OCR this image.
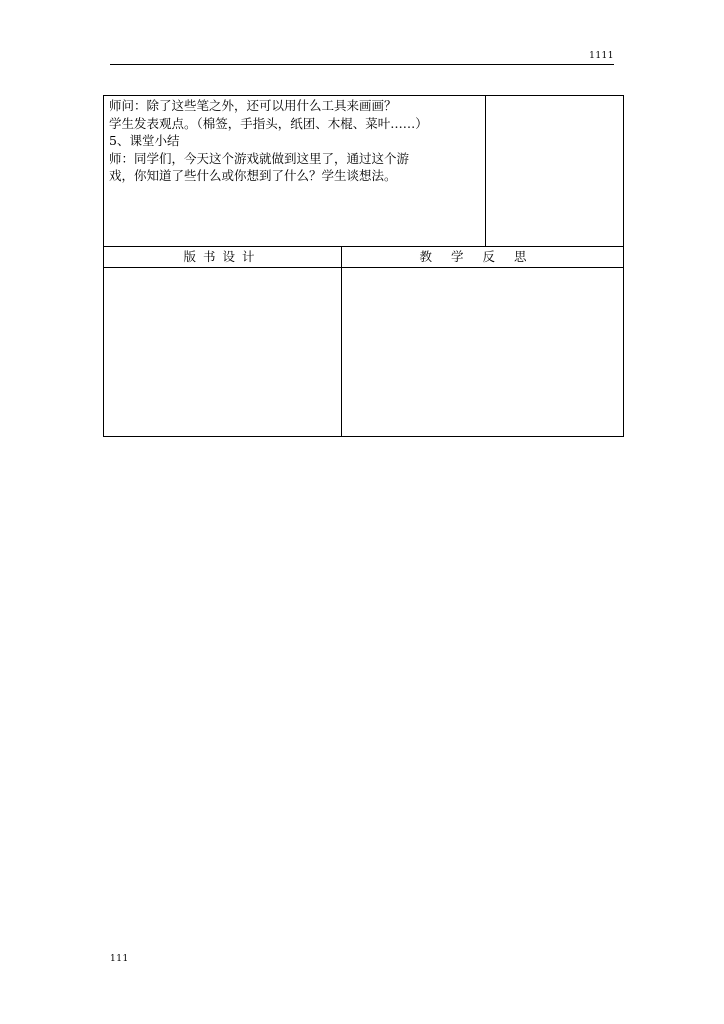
1111

师问：除了这些笔之外，还可以用什么工具来画画？

学生发表观点。（棉签，手指头，纸团、木棍、菜叶……）

5、课堂小结

师：同学们，今天这个游戏就做到这里了，通过这个游

戏，你知道了些什么或你想到了什么？学生谈想法。

版书设计	教学反思
111
